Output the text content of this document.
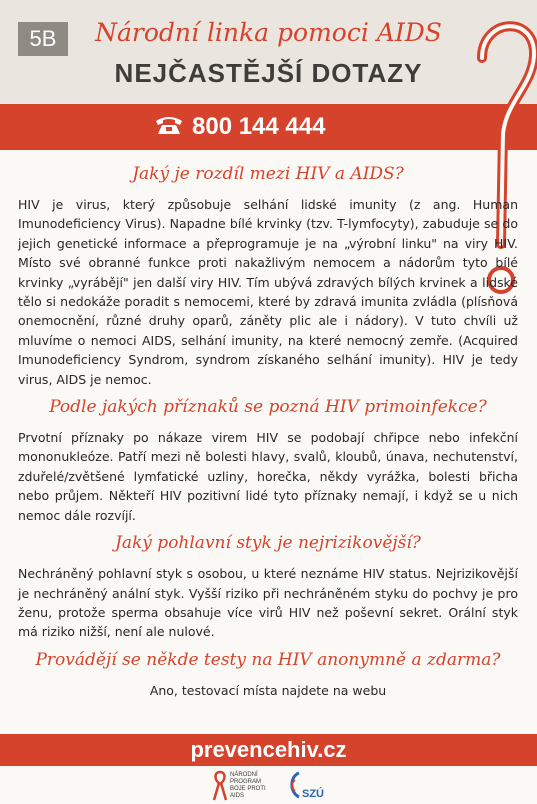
5B	Národní linka pomoci AIDS
NEJČASTĚJŠÍ DOTAZY
800 144 444
Jaký je rozdíl mezi HIV a AIDS?
HIV je virus, který způsobuje selhání lidské imunity (z ang. Human Imunodeficiency Virus). Napadne bílé krvinky (tzv. T-lymfocyty), zabuduje se do jejich genetické informace a přeprogramuje je na „výrobní linku" na viry HIV. Místo své obranné funkce proti nakažlivým nemocem a nádorům tyto bílé krvinky „vyrábějí" jen další viry HIV. Tím ubývá zdravých bílých krvinek a lidské tělo si nedokáže poradit s nemocemi, které by zdravá imunita zvládla (plísňová onemocnění, různé druhy oparů, záněty plic ale i nádory). V tuto chvíli už mluvíme o nemoci AIDS, selhání imunity, na které nemocný zemře. (Acquired Imunodeficiency Syndrom, syndrom získaného selhání imunity). HIV je tedy virus, AIDS je nemoc.
Podle jakých příznaků se pozná HIV primoinfekce?
Prvotní příznaky po nákaze virem HIV se podobají chřipce nebo infekční mononukleóze. Patří mezi ně bolesti hlavy, svalů, kloubů, únava, nechutenství, zduřelé/zvětšené lymfatické uzliny, horečka, někdy vyrážka, bolesti břicha nebo průjem. Někteří HIV pozitivní lidé tyto příznaky nemají, i když se u nich nemoc dále rozvíjí.
Jaký pohlavní styk je nejrizikovější?
Nechráněný pohlavní styk s osobou, u které neznáme HIV status. Nejrizikovější je nechráněný anální styk. Vyšší riziko při nechráněném styku do pochvy je pro ženu, protože sperma obsahuje více virů HIV než poševní sekret. Orální styk má riziko nižší, není ale nulové.
Provádějí se někde testy na HIV anonymně a zdarma?
Ano, testovací místa najdete na webu
prevencehiv.cz
NÁRODNÍ PROGRAM BOJE PROTI AIDS	SZÚ
